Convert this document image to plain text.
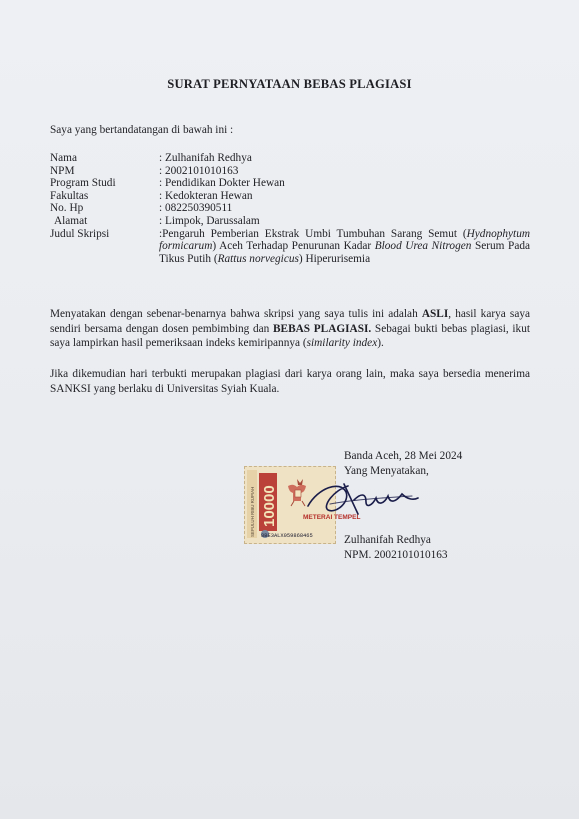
SURAT PERNYATAAN BEBAS PLAGIASI
Saya yang bertandatangan di bawah ini :
Nama	: Zulhanifah Redhya
NPM	: 2002101010163
Program Studi	: Pendidikan Dokter Hewan
Fakultas	: Kedokteran Hewan
No. Hp	: 082250390511
Alamat	: Limpok, Darussalam
Judul Skripsi	:Pengaruh Pemberian Ekstrak Umbi Tumbuhan Sarang Semut (Hydnophytum formicarum) Aceh Terhadap Penurunan Kadar Blood Urea Nitrogen Serum Pada Tikus Putih (Rattus norvegicus) Hiperurisemia
Menyatakan dengan sebenar-benarnya bahwa skripsi yang saya tulis ini adalah ASLI, hasil karya saya sendiri bersama dengan dosen pembimbing dan BEBAS PLAGIASI. Sebagai bukti bebas plagiasi, ikut saya lampirkan hasil pemeriksaan indeks kemiripannya (similarity index).
Jika dikemudian hari terbukti merupakan plagiasi dari karya orang lain, maka saya bersedia menerima SANKSI yang berlaku di Universitas Syiah Kuala.
Banda Aceh, 28 Mei 2024
Yang Menyatakan,
SEPULUH RIBU RUPIAH 10000	METERAI TEMPEL
8BE3ALX059868465	Zulhanifah Redhya
NPM. 2002101010163
